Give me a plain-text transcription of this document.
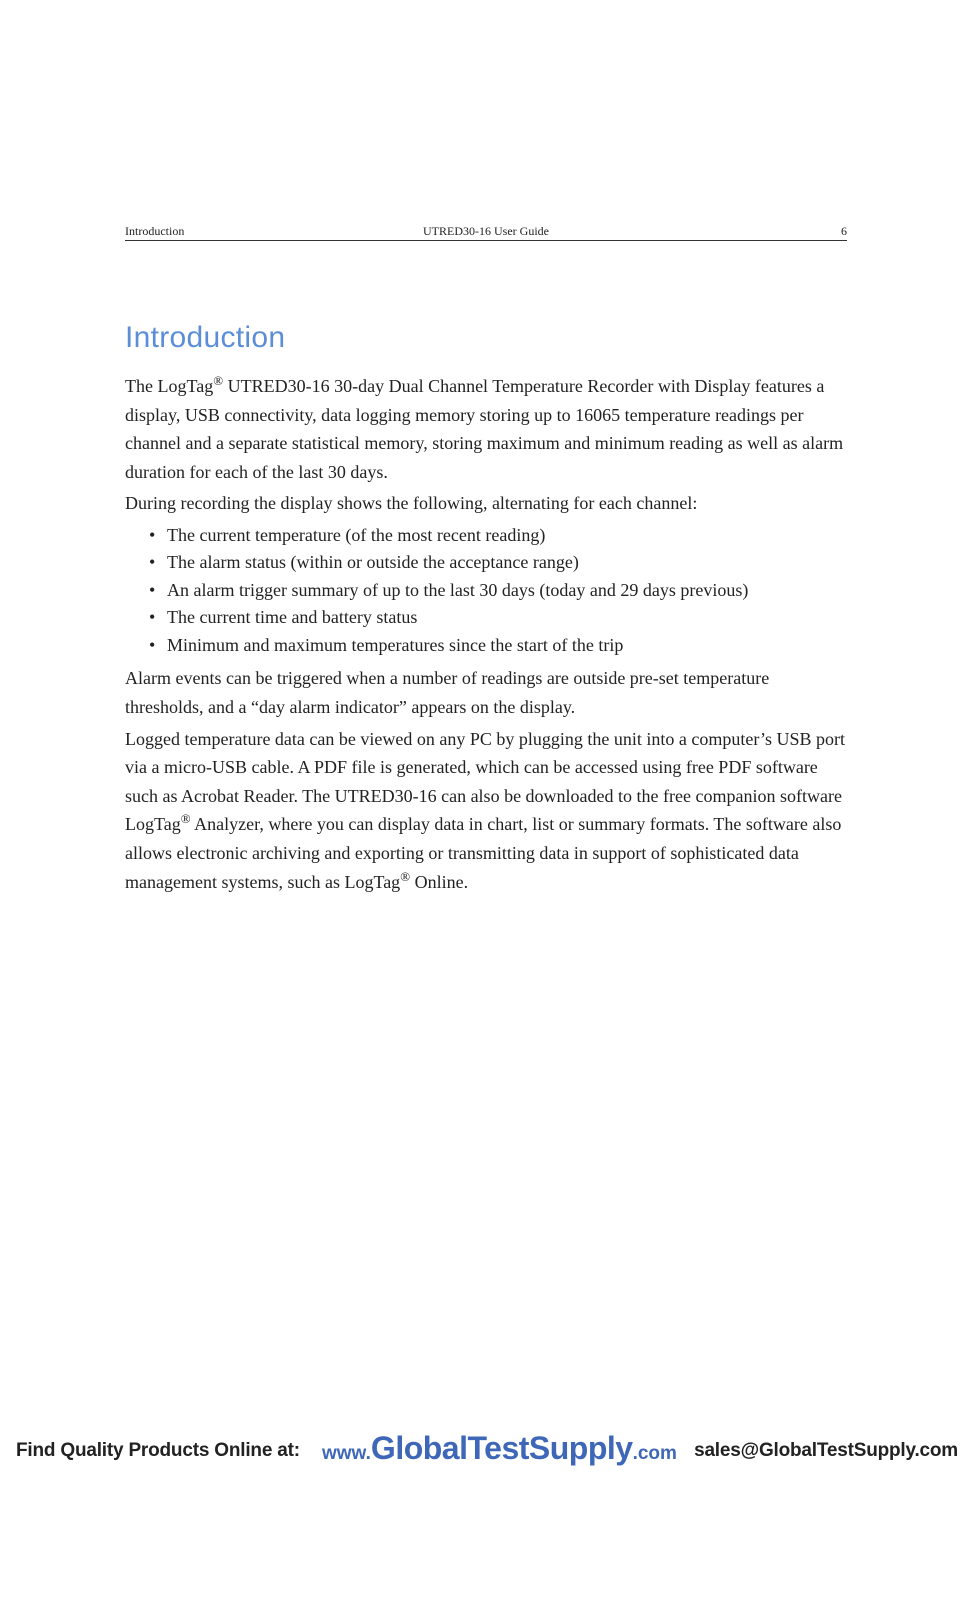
Introduction	UTRED30-16 User Guide	6
Introduction

The LogTag® UTRED30-16 30-day Dual Channel Temperature Recorder with Display features a display, USB connectivity, data logging memory storing up to 16065 temperature readings per channel and a separate statistical memory, storing maximum and minimum reading as well as alarm duration for each of the last 30 days.

During recording the display shows the following, alternating for each channel:

• The current temperature (of the most recent reading)
• The alarm status (within or outside the acceptance range)
• An alarm trigger summary of up to the last 30 days (today and 29 days previous)
• The current time and battery status
• Minimum and maximum temperatures since the start of the trip

Alarm events can be triggered when a number of readings are outside pre-set temperature thresholds, and a “day alarm indicator” appears on the display.

Logged temperature data can be viewed on any PC by plugging the unit into a computer’s USB port via a micro-USB cable. A PDF file is generated, which can be accessed using free PDF software such as Acrobat Reader. The UTRED30-16 can also be downloaded to the free companion software LogTag® Analyzer, where you can display data in chart, list or summary formats. The software also allows electronic archiving and exporting or transmitting data in support of sophisticated data management systems, such as LogTag® Online.

Find Quality Products Online at: www.GlobalTestSupply.com sales@GlobalTestSupply.com
